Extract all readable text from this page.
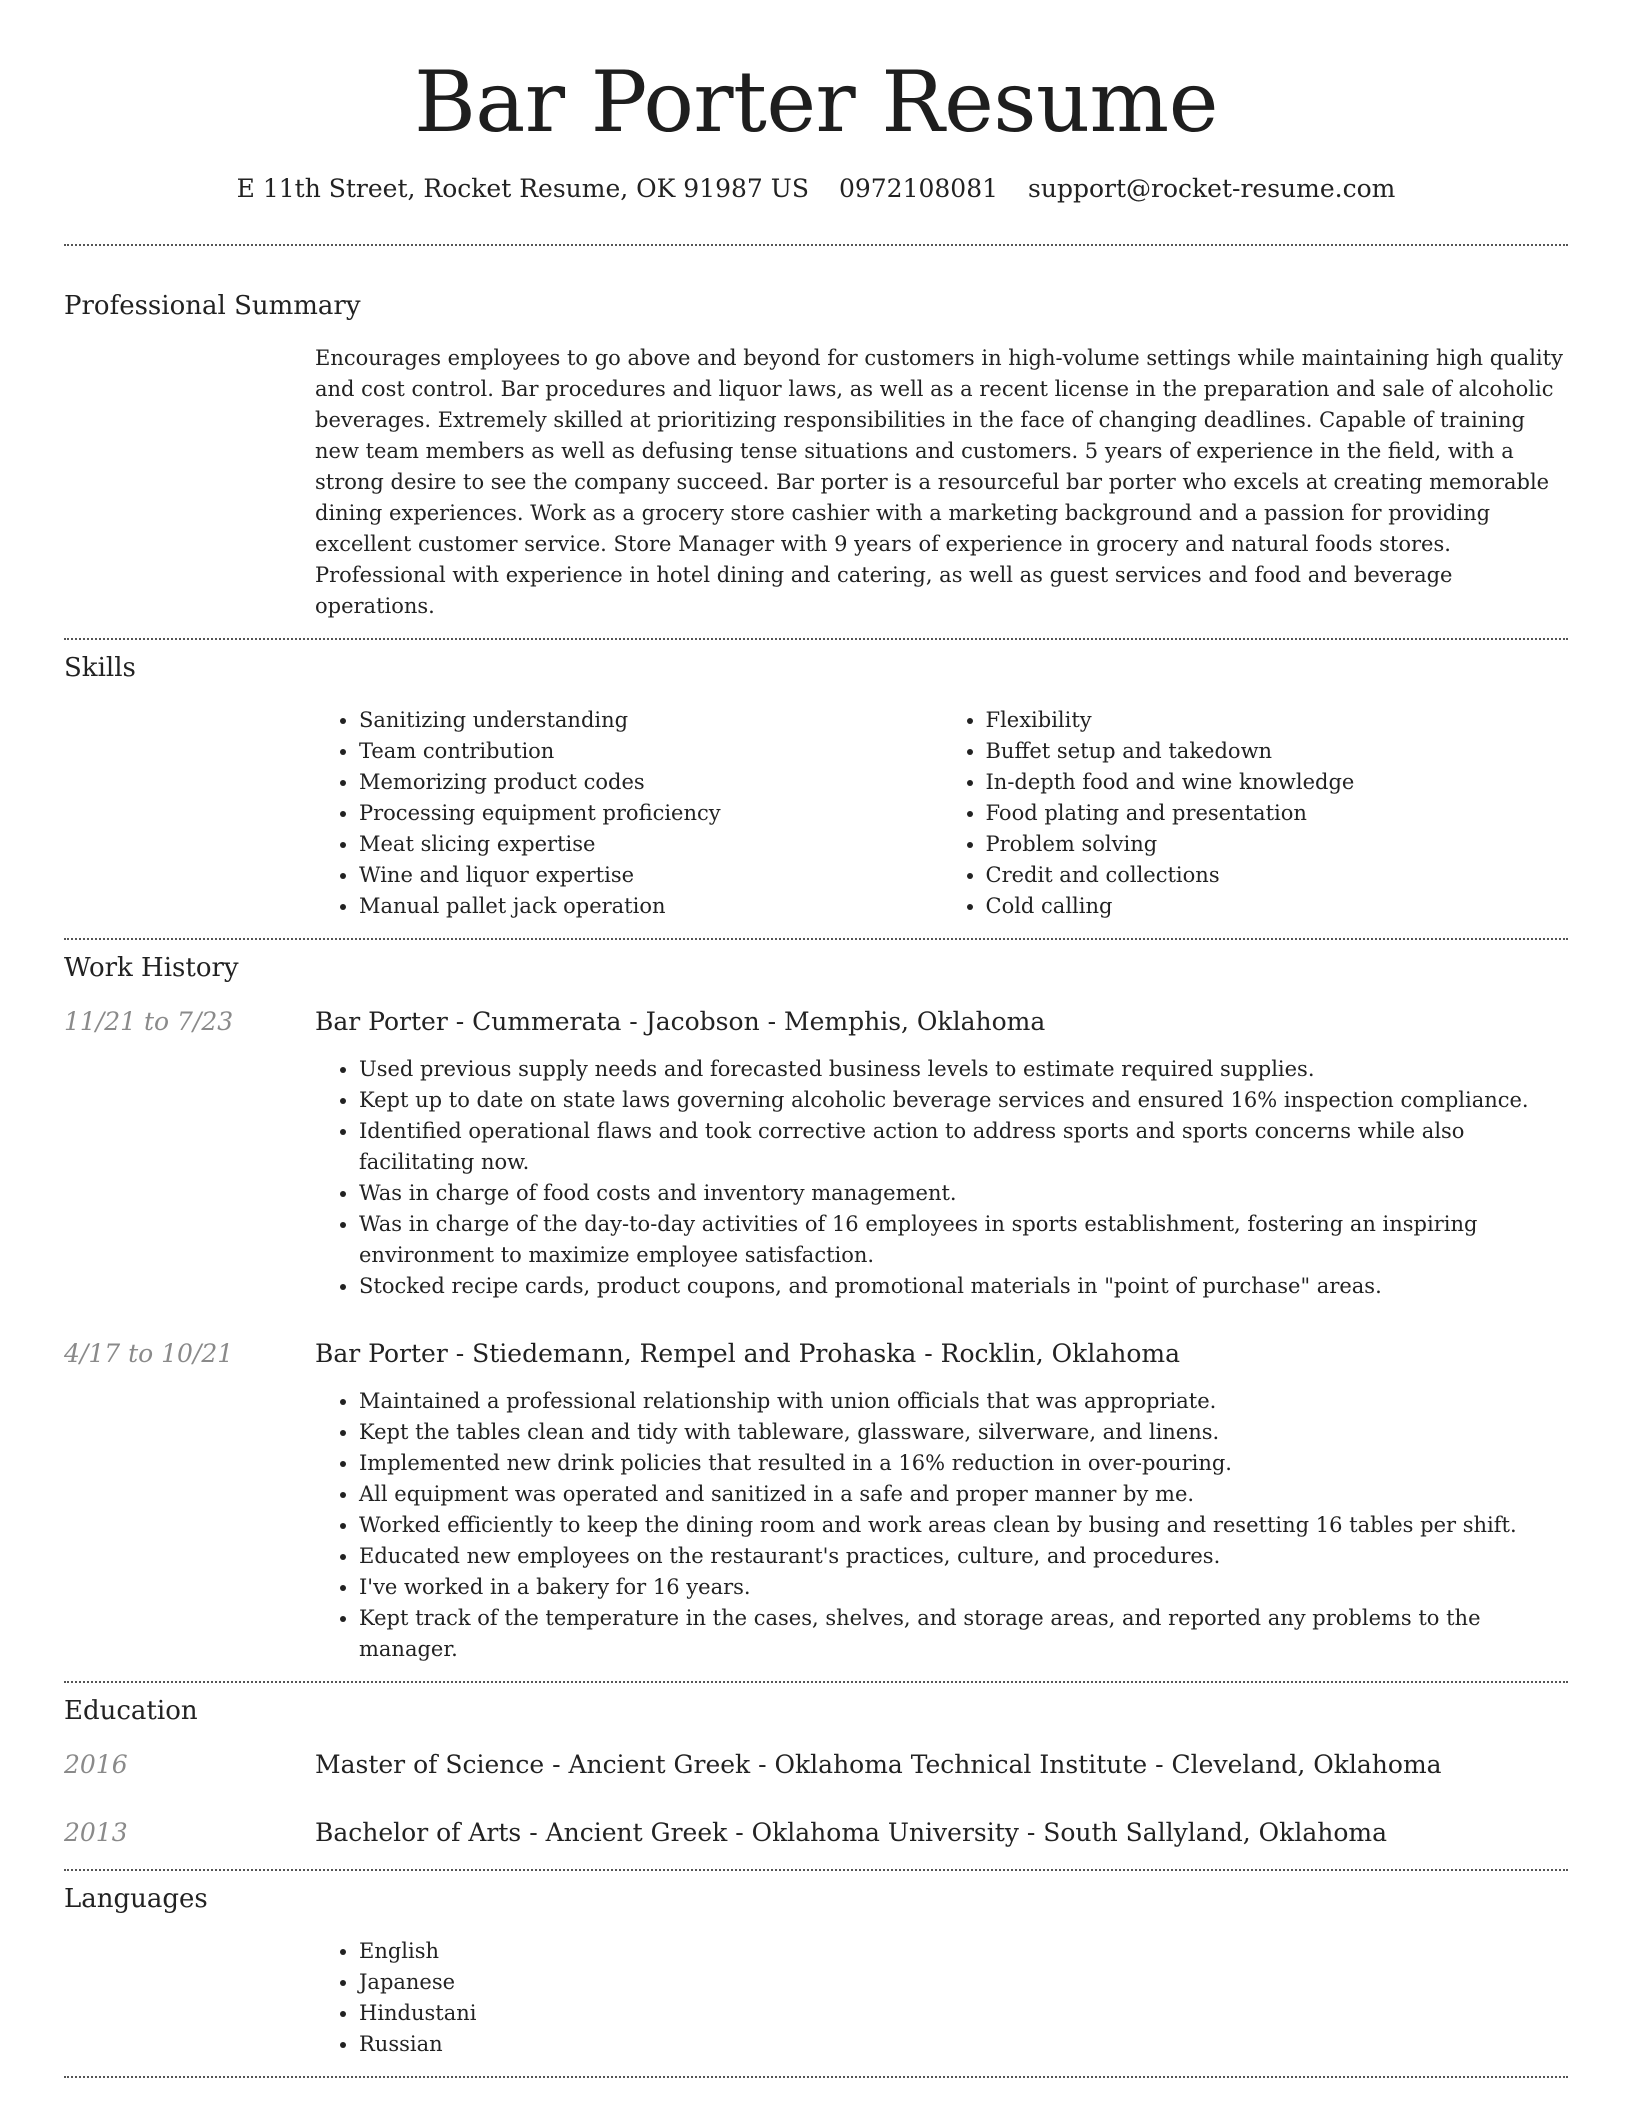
Bar Porter Resume
E 11th Street, Rocket Resume, OK 91987 US 0972108081 support@rocket-resume.com
Professional Summary

Encourages employees to go above and beyond for customers in high-volume settings while maintaining high quality and cost control. Bar procedures and liquor laws, as well as a recent license in the preparation and sale of alcoholic beverages. Extremely skilled at prioritizing responsibilities in the face of changing deadlines. Capable of training new team members as well as defusing tense situations and customers. 5 years of experience in the field, with a strong desire to see the company succeed. Bar porter is a resourceful bar porter who excels at creating memorable dining experiences. Work as a grocery store cashier with a marketing background and a passion for providing excellent customer service. Store Manager with 9 years of experience in grocery and natural foods stores. Professional with experience in hotel dining and catering, as well as guest services and food and beverage operations.

Skills
• Sanitizing understanding
• Team contribution
• Memorizing product codes
• Processing equipment proficiency
• Meat slicing expertise
• Wine and liquor expertise
• Manual pallet jack operation
• Flexibility
• Buffet setup and takedown
• In-depth food and wine knowledge
• Food plating and presentation
• Problem solving
• Credit and collections
• Cold calling
Work History
11/21 to 7/23	Bar Porter - Cummerata - Jacobson - Memphis, Oklahoma
• Used previous supply needs and forecasted business levels to estimate required supplies.
• Kept up to date on state laws governing alcoholic beverage services and ensured 16% inspection compliance.
• Identified operational flaws and took corrective action to address sports and sports concerns while also facilitating now.
• Was in charge of food costs and inventory management.
• Was in charge of the day-to-day activities of 16 employees in sports establishment, fostering an inspiring environment to maximize employee satisfaction.
• Stocked recipe cards, product coupons, and promotional materials in "point of purchase" areas.
4/17 to 10/21	Bar Porter - Stiedemann, Rempel and Prohaska - Rocklin, Oklahoma
• Maintained a professional relationship with union officials that was appropriate.
• Kept the tables clean and tidy with tableware, glassware, silverware, and linens.
• Implemented new drink policies that resulted in a 16% reduction in over-pouring.
• All equipment was operated and sanitized in a safe and proper manner by me.
• Worked efficiently to keep the dining room and work areas clean by busing and resetting 16 tables per shift.
• Educated new employees on the restaurant's practices, culture, and procedures.
• I've worked in a bakery for 16 years.
• Kept track of the temperature in the cases, shelves, and storage areas, and reported any problems to the manager.
Education
2016	Master of Science - Ancient Greek - Oklahoma Technical Institute - Cleveland, Oklahoma
2013	Bachelor of Arts - Ancient Greek - Oklahoma University - South Sallyland, Oklahoma
Languages
• English
• Japanese
• Hindustani
• Russian
